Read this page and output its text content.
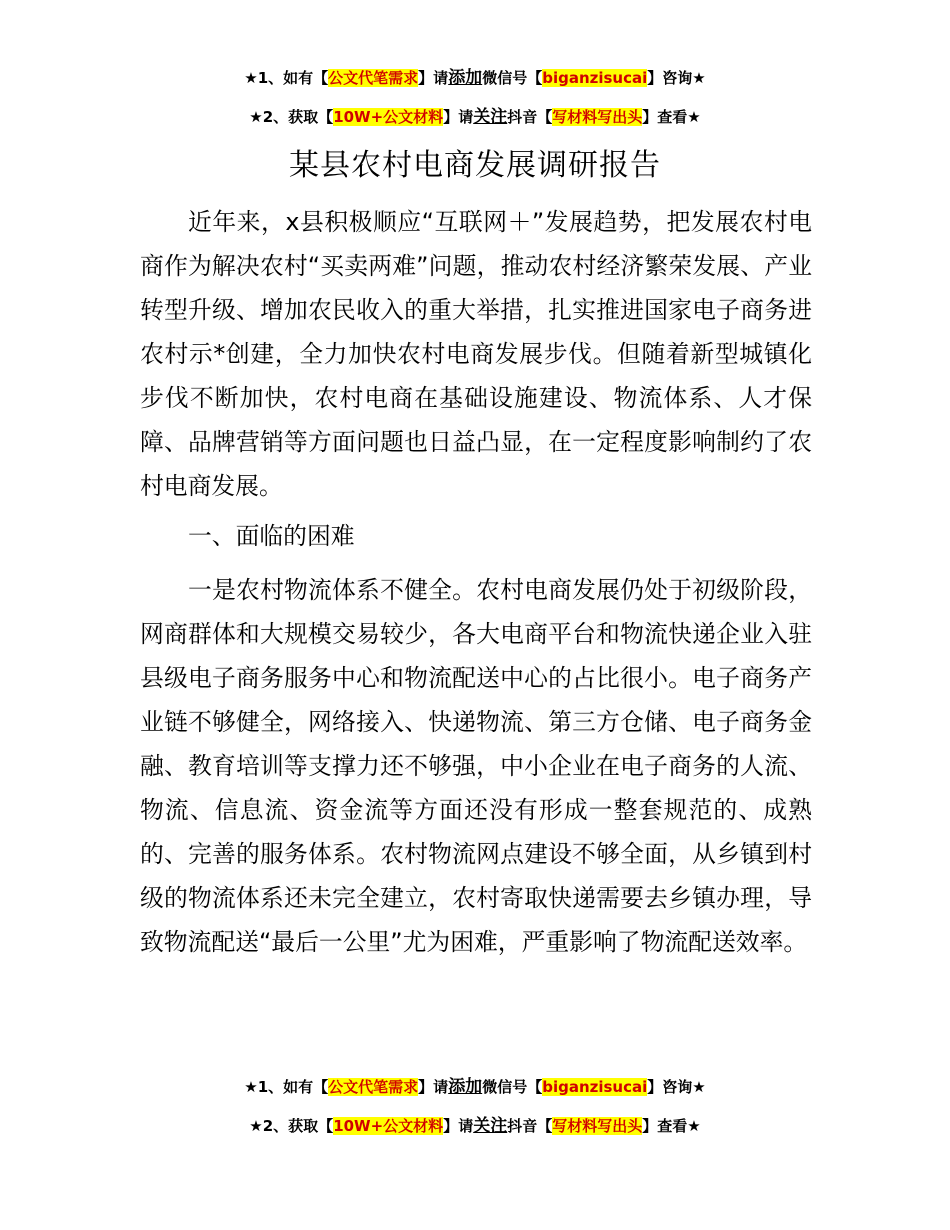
★1、如有【公文代笔需求】请添加微信号【biganzisucai】咨询★
★2、获取【10W+公文材料】请关注抖音【写材料写出头】查看★
某县农村电商发展调研报告

近年来，x县积极顺应“互联网＋”发展趋势，把发展农村电商作为解决农村“买卖两难”问题，推动农村经济繁荣发展、产业转型升级、增加农民收入的重大举措，扎实推进国家电子商务进农村示*创建，全力加快农村电商发展步伐。但随着新型城镇化步伐不断加快，农村电商在基础设施建设、物流体系、人才保障、品牌营销等方面问题也日益凸显，在一定程度影响制约了农村电商发展。

一、面临的困难

一是农村物流体系不健全。农村电商发展仍处于初级阶段，网商群体和大规模交易较少，各大电商平台和物流快递企业入驻县级电子商务服务中心和物流配送中心的占比很小。电子商务产业链不够健全，网络接入、快递物流、第三方仓储、电子商务金融、教育培训等支撑力还不够强，中小企业在电子商务的人流、物流、信息流、资金流等方面还没有形成一整套规范的、成熟的、完善的服务体系。农村物流网点建设不够全面，从乡镇到村级的物流体系还未完全建立，农村寄取快递需要去乡镇办理，导致物流配送“最后一公里”尤为困难，严重影响了物流配送效率。

★1、如有【公文代笔需求】请添加微信号【biganzisucai】咨询★
★2、获取【10W+公文材料】请关注抖音【写材料写出头】查看★
